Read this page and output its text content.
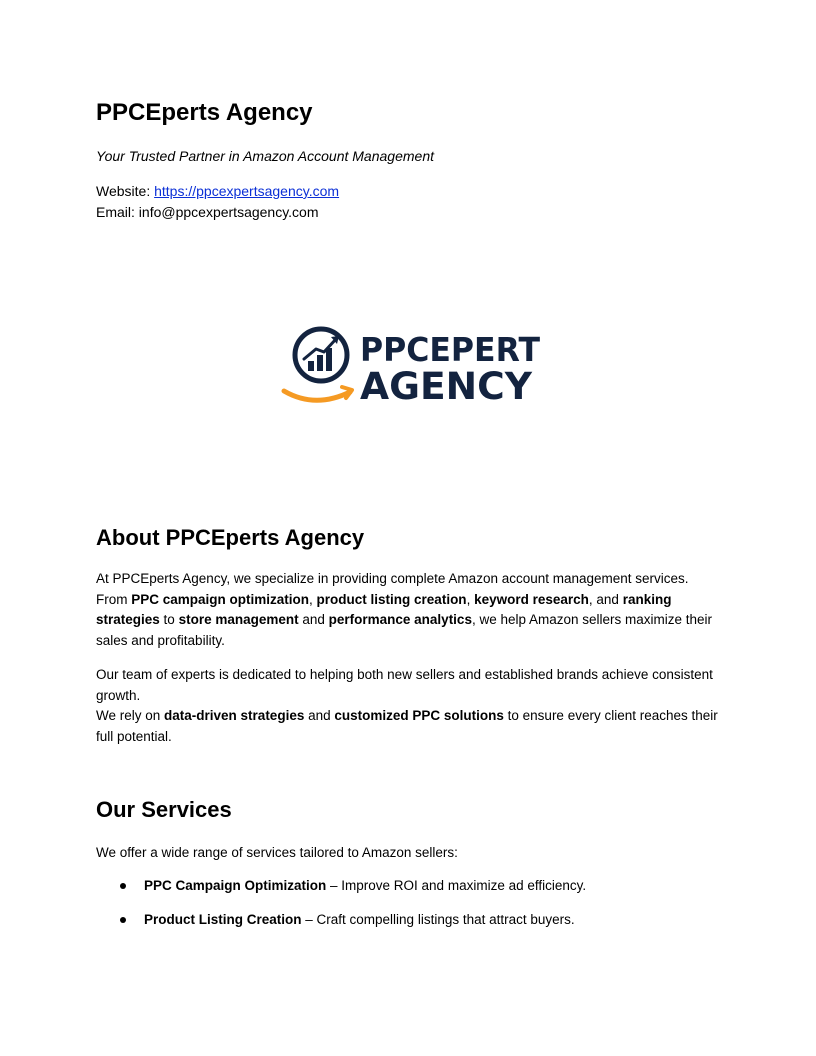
PPCEperts Agency

Your Trusted Partner in Amazon Account Management

Website: https://ppcexpertsagency.com
Email: info@ppcexpertsagency.com

PPCEPERT
AGENCY
About PPCEperts Agency

At PPCEperts Agency, we specialize in providing complete Amazon account management services.
From PPC campaign optimization, product listing creation, keyword research, and ranking strategies to store management and performance analytics, we help Amazon sellers maximize their sales and profitability.

Our team of experts is dedicated to helping both new sellers and established brands achieve consistent growth.
We rely on data-driven strategies and customized PPC solutions to ensure every client reaches their full potential.

Our Services

We offer a wide range of services tailored to Amazon sellers:

PPC Campaign Optimization – Improve ROI and maximize ad efficiency.
Product Listing Creation – Craft compelling listings that attract buyers.
